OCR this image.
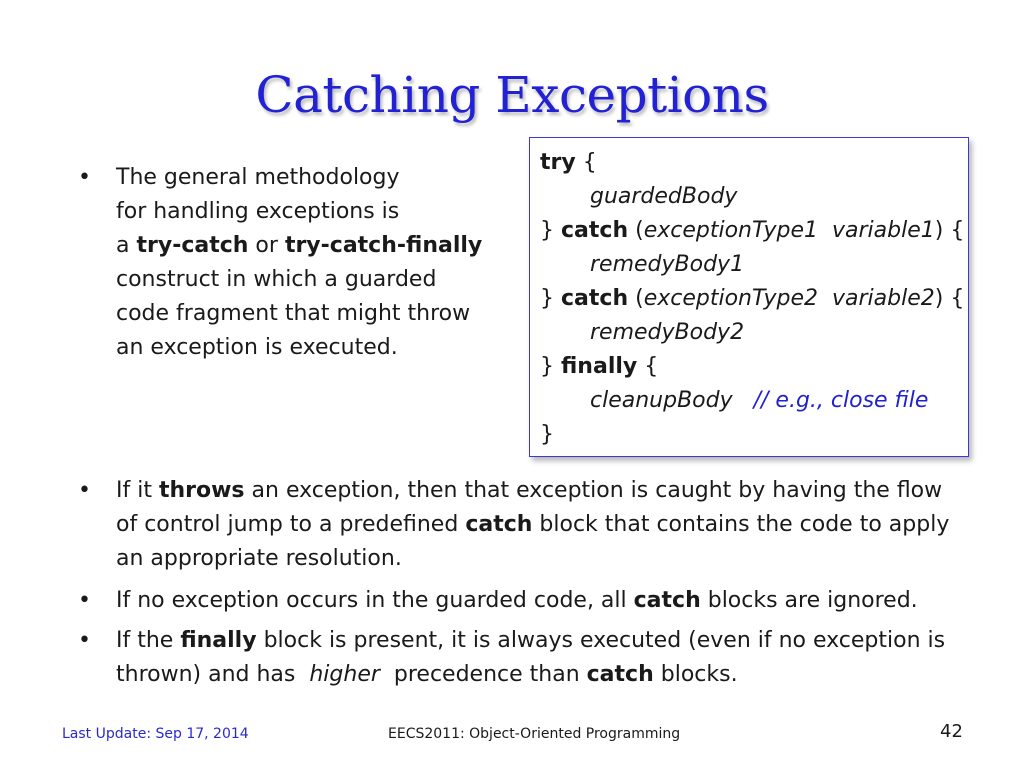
Catching Exceptions
•	The general methodology
for handling exceptions is
a try-catch or try-catch-finally
construct in which a guarded
code fragment that might throw
an exception is executed.
try {
guardedBody
} catch (exceptionType1  variable1) {
remedyBody1
} catch (exceptionType2  variable2) {
remedyBody2
} finally {
cleanupBody // e.g., close file
}
•	If it throws an exception, then that exception is caught by having the flow
of control jump to a predefined catch block that contains the code to apply
an appropriate resolution.
•	If no exception occurs in the guarded code, all catch blocks are ignored.
•	If the finally block is present, it is always executed (even if no exception is
thrown) and has  higher  precedence than catch blocks.
Last Update: Sep 17, 2014	EECS2011: Object-Oriented Programming	42
